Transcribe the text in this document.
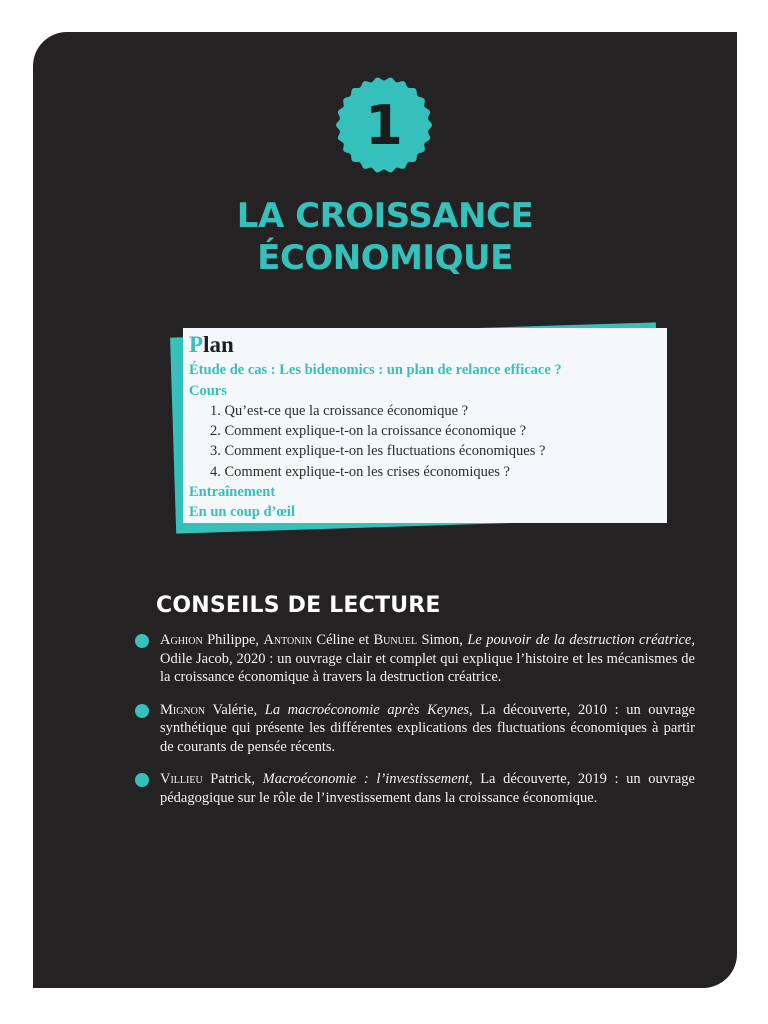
1
LA CROISSANCE
ÉCONOMIQUE
Plan
Étude de cas : Les bidenomics : un plan de relance efficace ?
Cours
1. Qu’est-ce que la croissance économique ?
2. Comment explique-t-on la croissance économique ?
3. Comment explique-t-on les fluctuations économiques ?
4. Comment explique-t-on les crises économiques ?
Entraînement
En un coup d’œil
CONSEILS DE LECTURE
Aghion Philippe, Antonin Céline et Bunuel Simon, Le pouvoir de la destruction créatrice, Odile Jacob, 2020 : un ouvrage clair et complet qui explique l’histoire et les mécanismes de la croissance économique à travers la destruction créatrice.
Mignon Valérie, La macroéconomie après Keynes, La découverte, 2010 : un ouvrage synthétique qui présente les différentes explications des fluctuations économiques à partir de courants de pensée récents.
Villieu Patrick, Macroéconomie : l’investissement, La découverte, 2019 : un ouvrage pédagogique sur le rôle de l’investissement dans la croissance économique.
